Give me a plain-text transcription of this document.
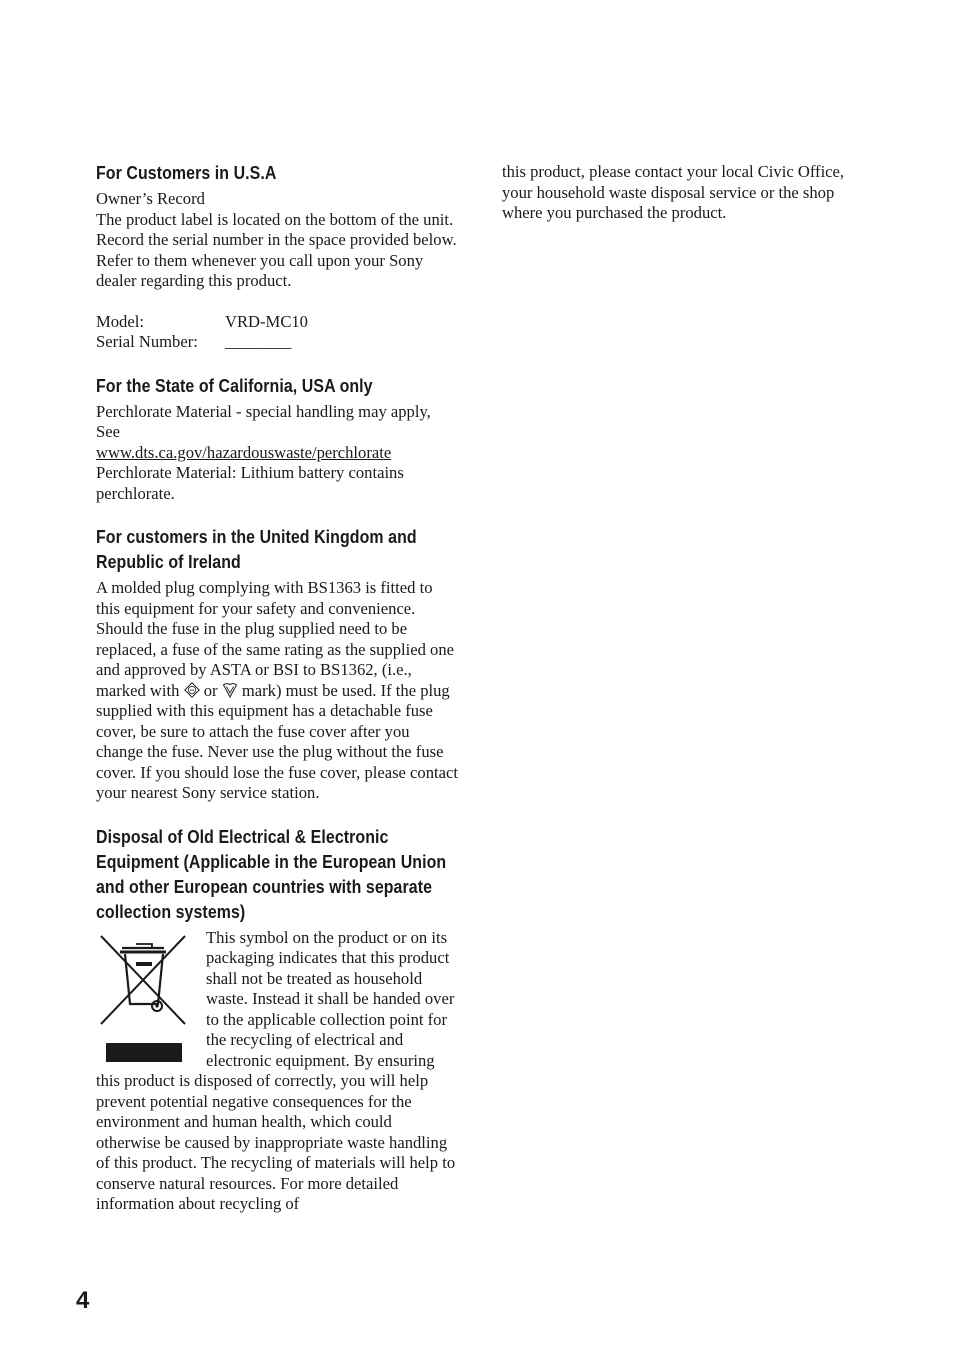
For Customers in U.S.A

Owner’s Record

The product label is located on the bottom of the unit. Record the serial number in the space provided below. Refer to them whenever you call upon your Sony dealer regarding this product.

Model:	VRD-MC10
Serial Number:	________
For the State of California, USA only

Perchlorate Material - special handling may apply, See
www.dts.ca.gov/hazardouswaste/perchlorate
Perchlorate Material: Lithium battery contains perchlorate.

For customers in the United Kingdom and Republic of Ireland

A molded plug complying with BS1363 is fitted to this equipment for your safety and convenience. Should the fuse in the plug supplied need to be replaced, a fuse of the same rating as the supplied one and approved by ASTA or BSI to BS1362, (i.e., marked with or mark) must be used. If the plug supplied with this equipment has a detachable fuse cover, be sure to attach the fuse cover after you change the fuse. Never use the plug without the fuse cover. If you should lose the fuse cover, please contact your nearest Sony service station.

Disposal of Old Electrical & Electronic Equipment (Applicable in the European Union and other European countries with separate collection systems)

This symbol on the product or on its packaging indicates that this product shall not be treated as household waste. Instead it shall be handed over to the applicable collection point for the recycling of electrical and electronic equipment. By ensuring this product is disposed of correctly, you will help prevent potential negative consequences for the environment and human health, which could otherwise be caused by inappropriate waste handling of this product. The recycling of materials will help to conserve natural resources. For more detailed information about recycling of

this product, please contact your local Civic Office, your household waste disposal service or the shop where you purchased the product.

4
